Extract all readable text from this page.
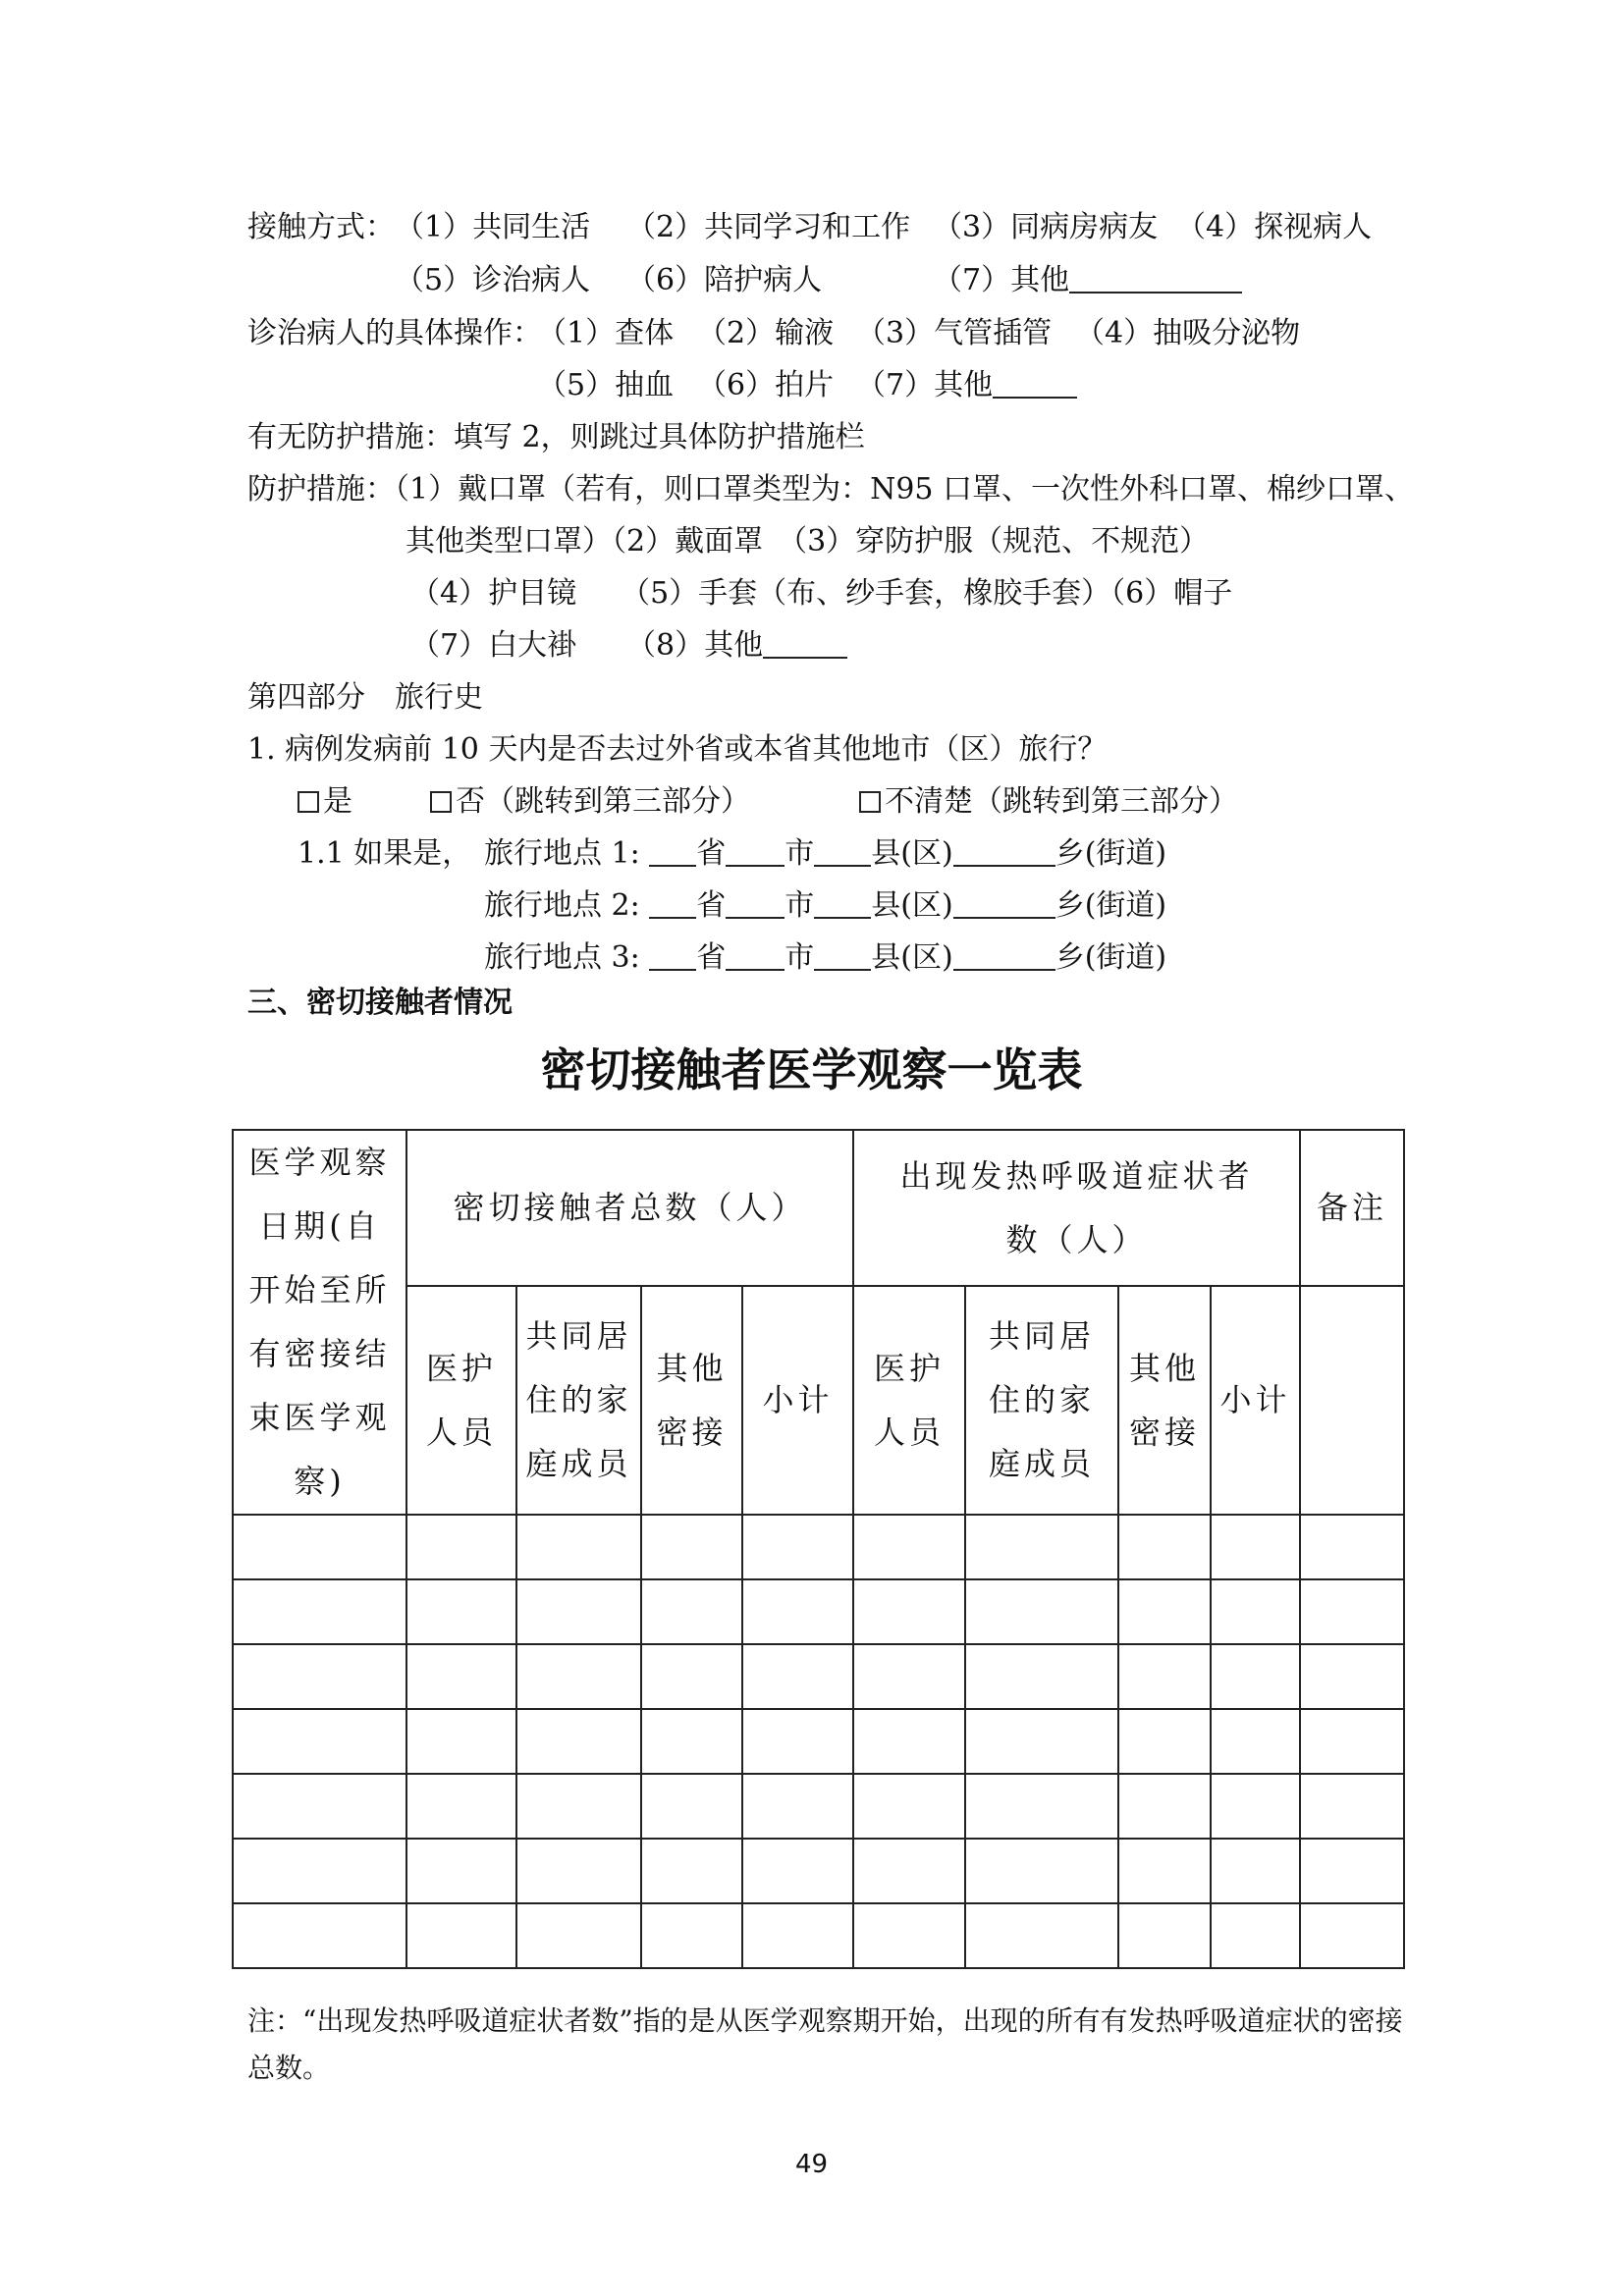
接触方式： （1）共同生活 （2）共同学习和工作 （3）同病房病友 （4）探视病人
（5）诊治病人 （6）陪护病人	（7）其他
诊治病人的具体操作：
（1）查体 （2）输液 （3）气管插管 （4）抽吸分泌物
（5）抽血 （6）拍片 （7）其他
有无防护措施：填写 2，则跳过具体防护措施栏
防护措施：（1）戴口罩（若有，则口罩类型为：N95 口罩、一次性外科口罩、棉纱口罩、
其他类型口罩）（2）戴面罩　（3）穿防护服（规范、不规范）
（4）护目镜　　（5）手套（布、纱手套，橡胶手套）（6）帽子
（7）白大褂 （8）其他
第四部分　旅行史
1. 病例发病前 10 天内是否去过外省或本省其他地市（区）旅行？
是	否（跳转到第三部分）	不清楚（跳转到第三部分）
1.1 如果是， 旅行地点 1: 省 市 县(区)	乡(街道)
旅行地点 2: 省 市 县(区)	乡(街道)
旅行地点 3: 省 市 县(区)	乡(街道)
三、密切接触者情况
密切接触者医学观察一览表
医学观察日期(自开始至所有密接结束医学观察)	密切接触者总数（人）				出现发热呼吸道症状者数（人）				备注
	医护人员	共同居住的家庭成员	其他密接	小计	医护人员	共同居住的家庭成员	其他密接	小计	

注：“出现发热呼吸道症状者数”指的是从医学观察期开始，出现的所有有发热呼吸道症状的密接总数。
49
